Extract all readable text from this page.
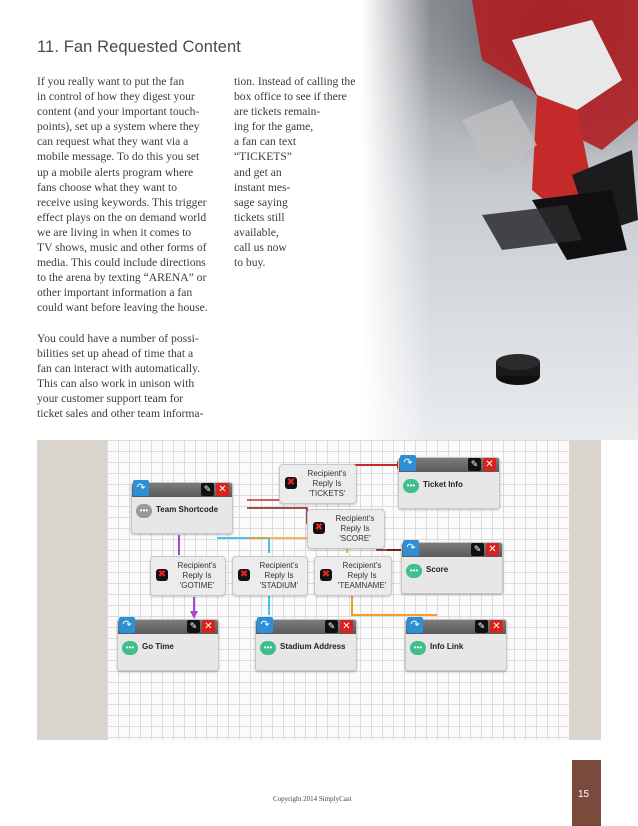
11. Fan Requested Content

If you really want to put the fan
in control of how they digest your
content (and your important touch-
points), set up a system where they
can request what they want via a
mobile message. To do this you set
up a mobile alerts program where
fans choose what they want to
receive using keywords. This trigger
effect plays on the on demand world
we are living in when it comes to
TV shows, music and other forms of
media. This could include directions
to the arena by texting “ARENA” or
other important information a fan
could want before leaving the house.

You could have a number of possi-
bilities set up ahead of time that a
fan can interact with automatically.
This can also work in unison with
your customer support team for
ticket sales and other team informa-

tion. Instead of calling the
box office to see if there
are tickets remain-
ing for the game,
a fan can text
“TICKETS”
and get an
instant mes-
sage saying
tickets still
available,
call us now
to buy.

↷	✎ ✕
••• Team Shortcode
↷	✎ ✕
••• Ticket Info
↷	✎ ✕
••• Score
↷	✎ ✕
••• Go Time
↷	✎ ✕
••• Stadium Address
↷	✎ ✕
••• Info Link
✖
Recipient's
Reply Is
'TICKETS'
✖
Recipient's
Reply Is
'SCORE'
✖
Recipient's
Reply Is
'GOTIME'
✖
Recipient's
Reply Is
'STADIUM'
✖
Recipient's
Reply Is
'TEAMNAME'
Copyright 2014 SimplyCast	15
